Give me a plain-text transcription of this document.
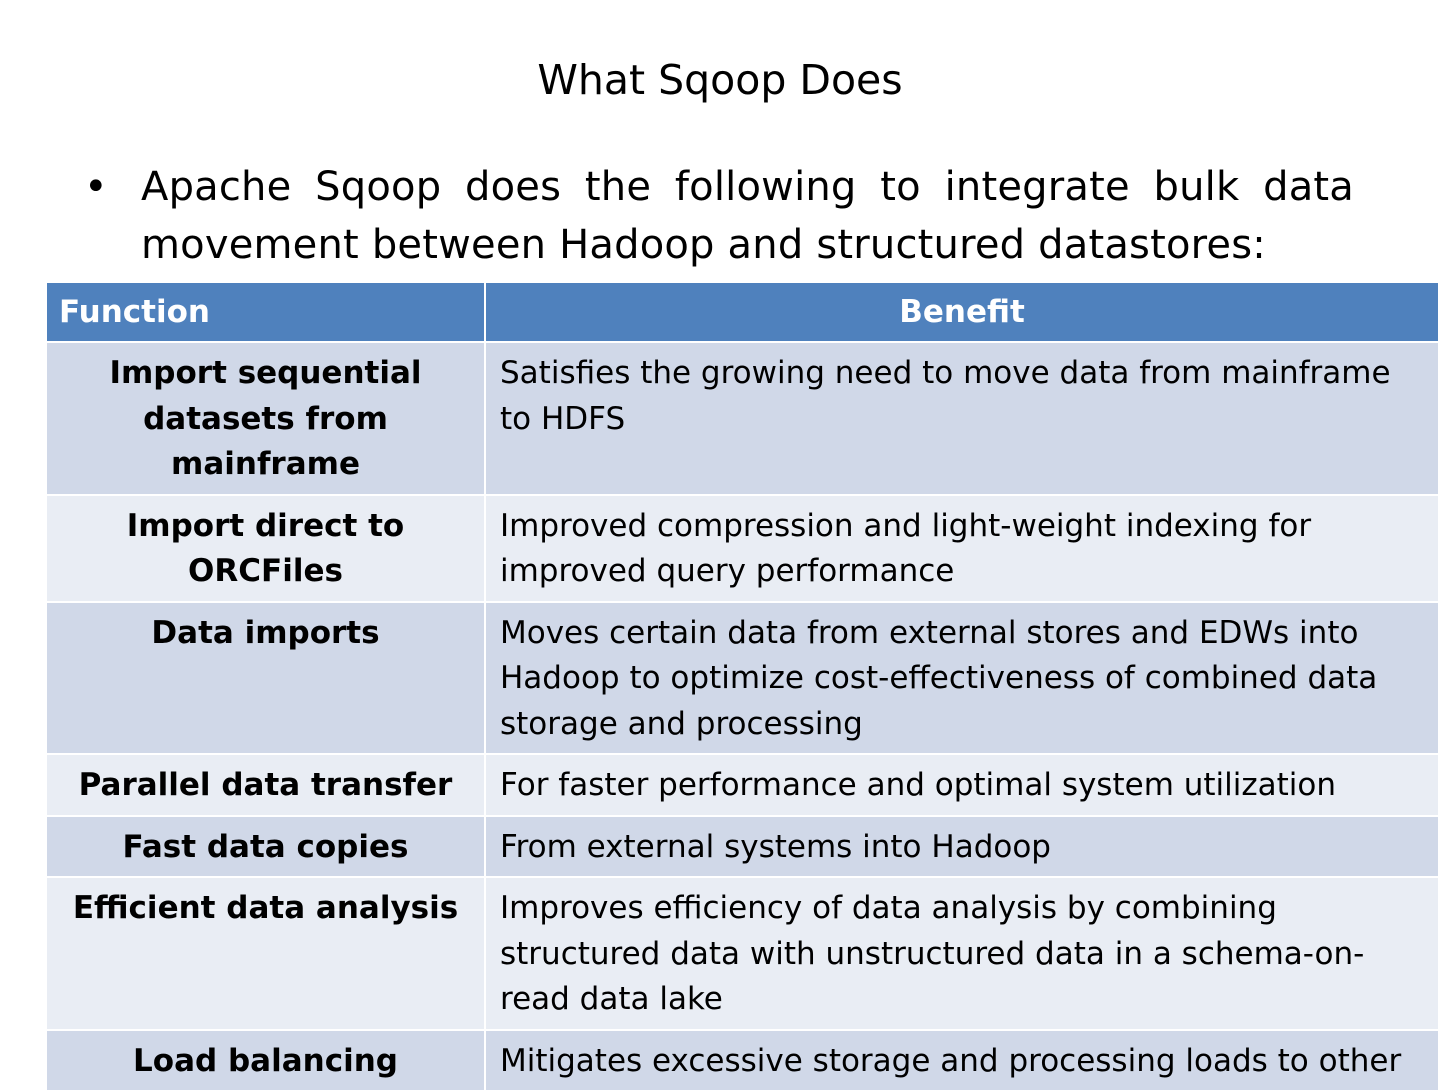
What Sqoop Does
• Apache Sqoop does the following to integrate bulk data movement between Hadoop and structured datastores:
Function	Benefit
Import sequential datasets from mainframe	Satisfies the growing need to move data from mainframe to HDFS
Import direct to ORCFiles	Improved compression and light-weight indexing for improved query performance
Data imports	Moves certain data from external stores and EDWs into Hadoop to optimize cost-effectiveness of combined data storage and processing
Parallel data transfer	For faster performance and optimal system utilization
Fast data copies	From external systems into Hadoop
Efficient data analysis	Improves efficiency of data analysis by combining structured data with unstructured data in a schema-on-read data lake
Load balancing	Mitigates excessive storage and processing loads to other
